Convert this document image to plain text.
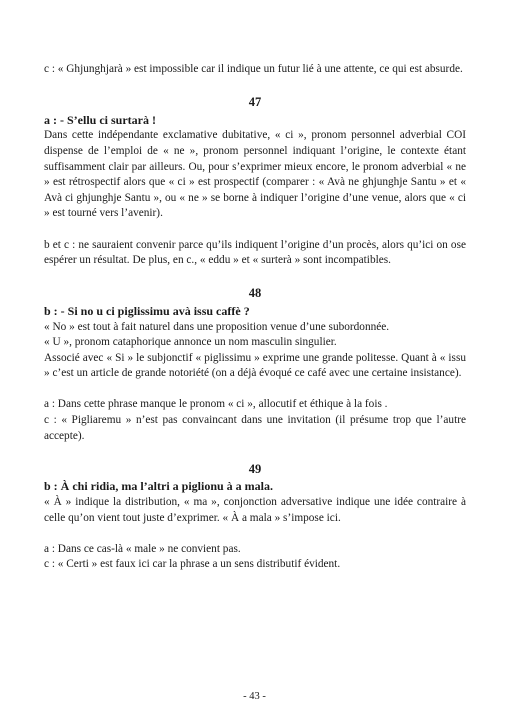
c : « Ghjunghjarà » est impossible car il indique un futur lié à une attente, ce qui est absurde.

47
a : - S’ellu ci surtarà !

Dans cette indépendante exclamative dubitative, « ci », pronom personnel adverbial COI dispense de l’emploi de « ne », pronom personnel indiquant l’origine, le contexte étant suffisamment clair par ailleurs. Ou, pour s’exprimer mieux encore, le pronom adverbial « ne » est rétrospectif alors que « ci » est prospectif (comparer : « Avà ne ghjunghje Santu » et « Avà ci ghjunghje Santu », ou « ne » se borne à indiquer l’origine d’une venue, alors que « ci » est tourné vers l’avenir).

b et c : ne sauraient convenir parce qu’ils indiquent l’origine d’un procès, alors qu’ici on ose espérer un résultat. De plus, en c., « eddu » et « surterà » sont incompatibles.

48
b : - Si no u ci piglissimu avà issu caffè ?

« No » est tout à fait naturel dans une proposition venue d’une subordonnée.

« U », pronom cataphorique annonce un nom masculin singulier.

Associé avec « Si » le subjonctif « piglissimu » exprime une grande politesse. Quant à « issu » c’est un article de grande notoriété (on a déjà évoqué ce café avec une certaine insistance).

a : Dans cette phrase manque le pronom « ci », allocutif et éthique à la fois .

c : « Pigliaremu » n’est pas convaincant dans une invitation (il présume trop que l’autre accepte).

49
b : À chi ridia, ma l’altri a piglionu à a mala.

« À » indique la distribution, « ma », conjonction adversative indique une idée contraire à celle qu’on vient tout juste d’exprimer. « À a mala » s’impose ici.

a : Dans ce cas-là « male » ne convient pas.

c : « Certi » est faux ici car la phrase a un sens distributif évident.

- 43 -
